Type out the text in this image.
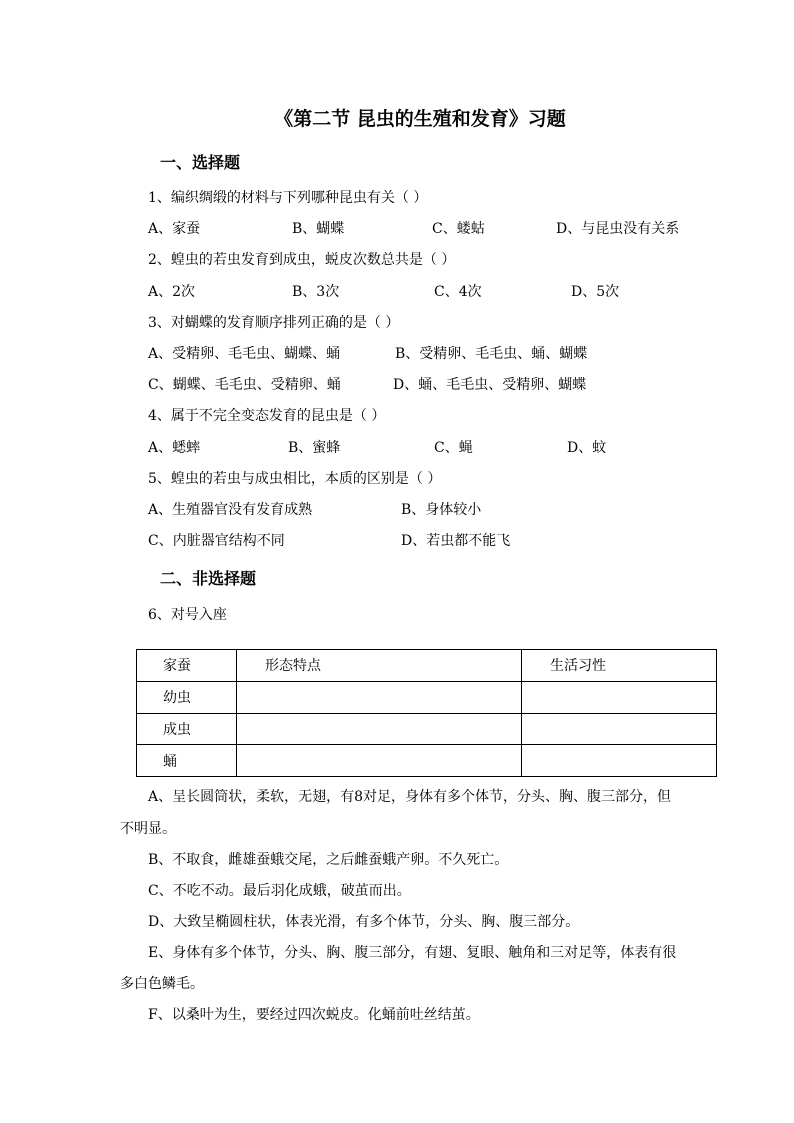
《第二节 昆虫的生殖和发育》习题
一、选择题
1、编织绸缎的材料与下列哪种昆虫有关（ ）
A、家蚕	B、蝴蝶	C、蝼蛄	D、与昆虫没有关系
2、蝗虫的若虫发育到成虫，蜕皮次数总共是（ ）
A、2次	B、3次	C、4次	D、5次
3、对蝴蝶的发育顺序排列正确的是（ ）
A、受精卵、毛毛虫、蝴蝶、蛹	B、受精卵、毛毛虫、蛹、蝴蝶
C、蝴蝶、毛毛虫、受精卵、蛹	D、蛹、毛毛虫、受精卵、蝴蝶
4、属于不完全变态发育的昆虫是（ ）
A、蟋蟀	B、蜜蜂	C、蝇	D、蚊
5、蝗虫的若虫与成虫相比，本质的区别是（ ）
A、生殖器官没有发育成熟	B、身体较小
C、内脏器官结构不同	D、若虫都不能飞
二、非选择题
6、对号入座
家蚕	形态特点	生活习性
幼虫		
成虫		
蛹		
A、呈长圆筒状，柔软，无翅，有8对足，身体有多个体节，分头、胸、腹三部分，但
不明显。
B、不取食，雌雄蚕蛾交尾，之后雌蚕蛾产卵。不久死亡。
C、不吃不动。最后羽化成蛾，破茧而出。
D、大致呈椭圆柱状，体表光滑，有多个体节，分头、胸、腹三部分。
E、身体有多个体节，分头、胸、腹三部分，有翅、复眼、触角和三对足等，体表有很
多白色鳞毛。
F、以桑叶为生，要经过四次蜕皮。化蛹前吐丝结茧。
